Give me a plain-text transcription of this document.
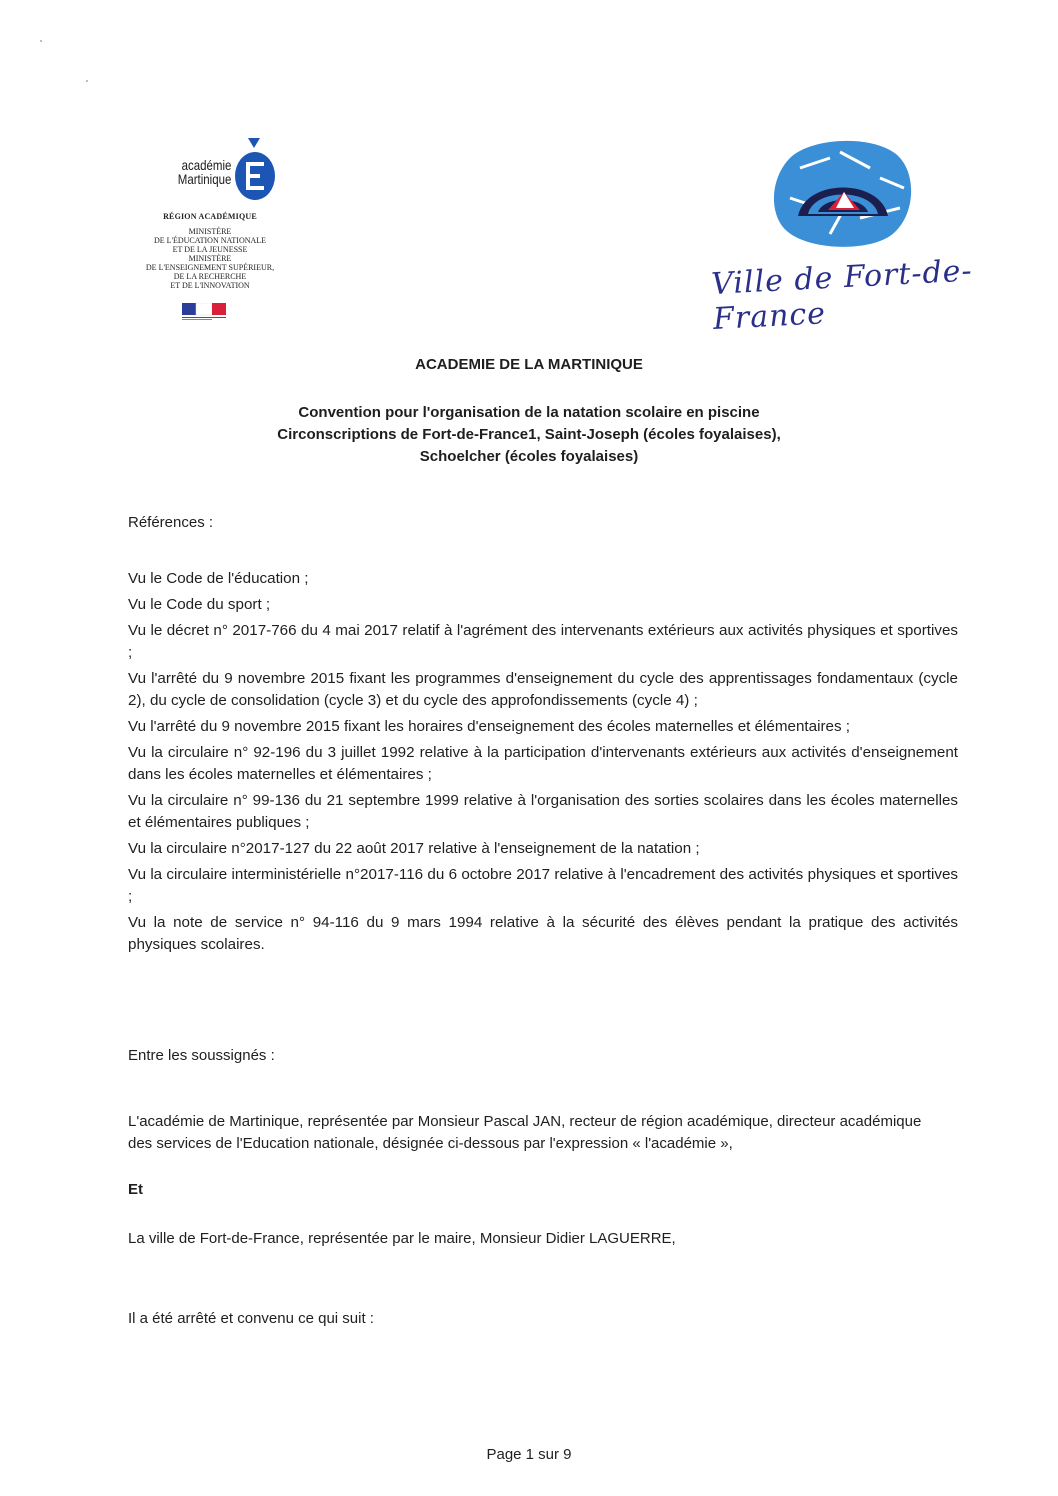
académie
Martinique
RÉGION ACADÉMIQUE
MINISTÈRE
DE L'ÉDUCATION NATIONALE
ET DE LA JEUNESSE
MINISTÈRE
DE L'ENSEIGNEMENT SUPÉRIEUR,
DE LA RECHERCHE
ET DE L'INNOVATION	Ville de Fort-de-France
ACADEMIE DE LA MARTINIQUE
Convention pour l'organisation de la natation scolaire en piscine
Circonscriptions de Fort-de-France1, Saint-Joseph (écoles foyalaises),
Schoelcher (écoles foyalaises)
Références :
Vu le Code de l'éducation ;
Vu le Code du sport ;
Vu le décret n° 2017-766 du 4 mai 2017 relatif à l'agrément des intervenants extérieurs aux activités physiques et sportives ;
Vu l'arrêté du 9 novembre 2015 fixant les programmes d'enseignement du cycle des apprentissages fondamentaux (cycle 2), du cycle de consolidation (cycle 3) et du cycle des approfondissements (cycle 4) ;
Vu l'arrêté du 9 novembre 2015 fixant les horaires d'enseignement des écoles maternelles et élémentaires ;
Vu la circulaire n° 92-196 du 3 juillet 1992 relative à la participation d'intervenants extérieurs aux activités d'enseignement dans les écoles maternelles et élémentaires ;
Vu la circulaire n° 99-136 du 21 septembre 1999 relative à l'organisation des sorties scolaires dans les écoles maternelles et élémentaires publiques ;
Vu la circulaire n°2017-127 du 22 août 2017 relative à l'enseignement de la natation ;
Vu la circulaire interministérielle n°2017-116 du 6 octobre 2017 relative à l'encadrement des activités physiques et sportives ;
Vu la note de service n° 94-116 du 9 mars 1994 relative à la sécurité des élèves pendant la pratique des activités physiques scolaires.
Entre les soussignés :
L'académie de Martinique, représentée par Monsieur Pascal JAN, recteur de région académique, directeur académique des services de l'Education nationale, désignée ci-dessous par l'expression « l'académie »,
Et
La ville de Fort-de-France, représentée par le maire, Monsieur Didier LAGUERRE,
Il a été arrêté et convenu ce qui suit :
Page 1 sur 9
